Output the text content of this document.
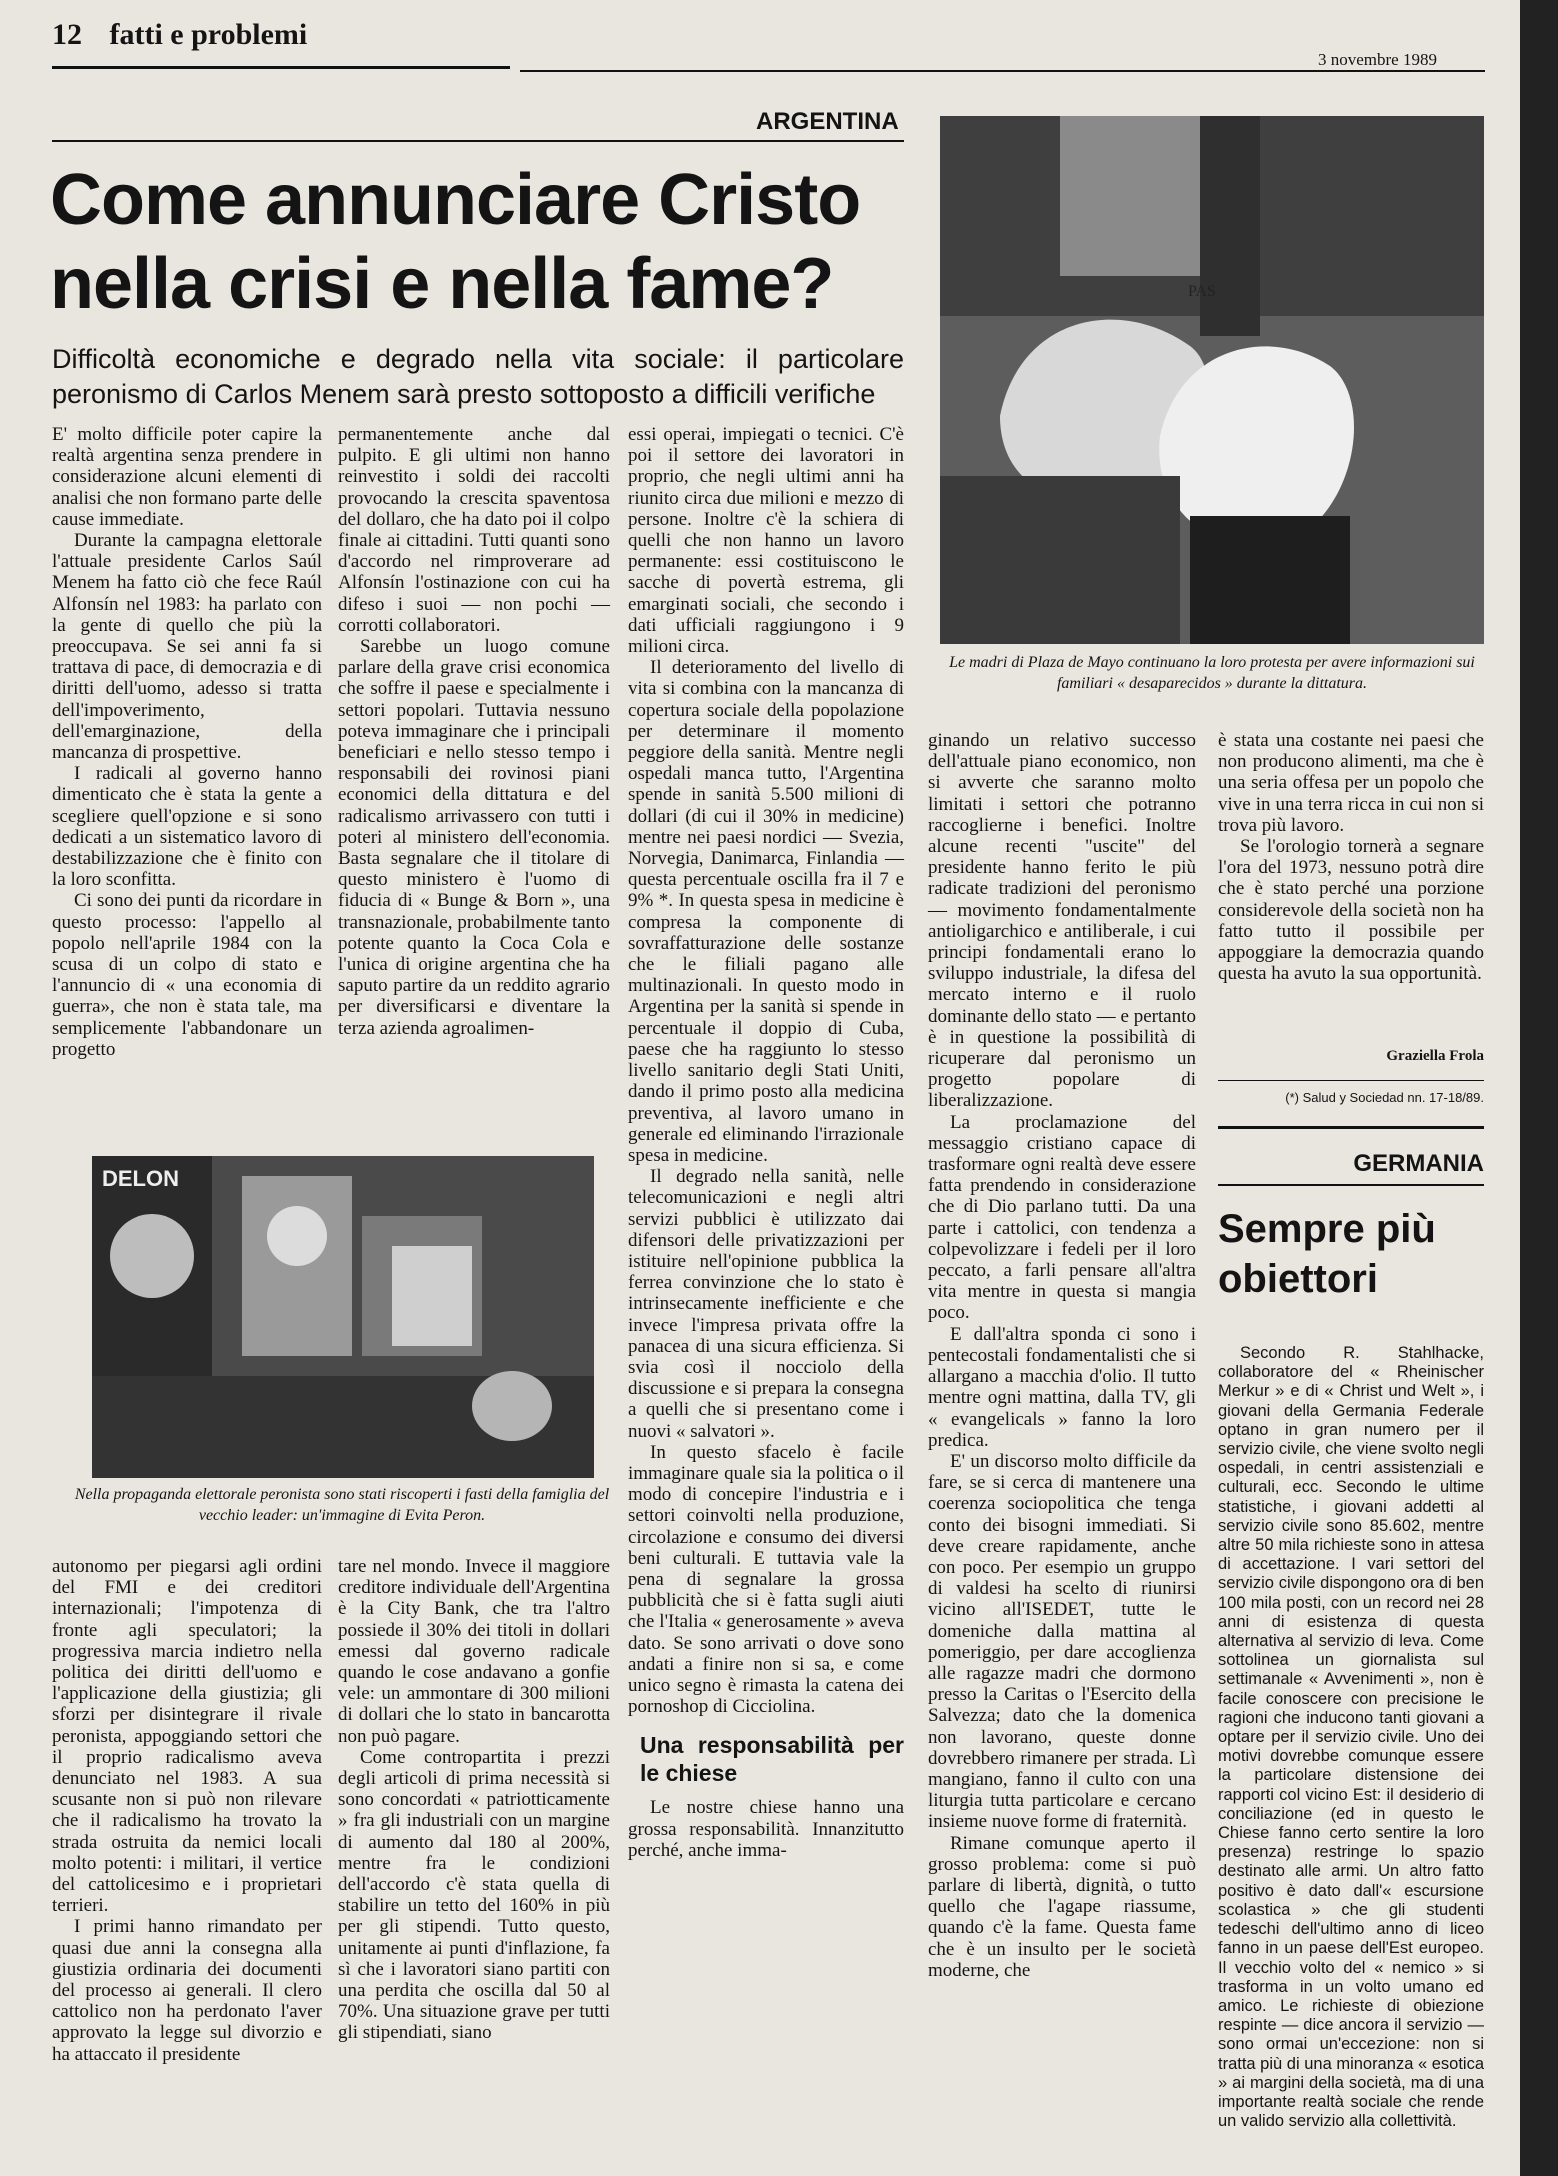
12 fatti e problemi
3 novembre 1989
ARGENTINA
Come annunciare Cristo
nella crisi e nella fame?
Difficoltà economiche e degrado nella vita sociale: il particolare peronismo di Carlos Menem sarà presto sottoposto a difficili verifiche
PAS
Le madri di Plaza de Mayo continuano la loro protesta per avere informazioni sui familiari « desaparecidos » durante la dittatura.

E' molto difficile poter capire la realtà argentina senza prendere in considerazione alcuni elementi di analisi che non formano parte delle cause immediate.

Durante la campagna elettorale l'attuale presidente Carlos Saúl Menem ha fatto ciò che fece Raúl Alfonsín nel 1983: ha parlato con la gente di quello che più la preoccupava. Se sei anni fa si trattava di pace, di democrazia e di diritti dell'uomo, adesso si tratta dell'impoverimento, dell'emarginazione, della mancanza di prospettive.

I radicali al governo hanno dimenticato che è stata la gente a scegliere quell'opzione e si sono dedicati a un sistematico lavoro di destabilizzazione che è finito con la loro sconfitta.

Ci sono dei punti da ricordare in questo processo: l'appello al popolo nell'aprile 1984 con la scusa di un colpo di stato e l'annuncio di « una economia di guerra», che non è stata tale, ma semplicemente l'abbandonare un progetto

permanentemente anche dal pulpito. E gli ultimi non hanno reinvestito i soldi dei raccolti provocando la crescita spaventosa del dollaro, che ha dato poi il colpo finale ai cittadini. Tutti quanti sono d'accordo nel rimproverare ad Alfonsín l'ostinazione con cui ha difeso i suoi — non pochi — corrotti collaboratori.

Sarebbe un luogo comune parlare della grave crisi economica che soffre il paese e specialmente i settori popolari. Tuttavia nessuno poteva immaginare che i principali beneficiari e nello stesso tempo i responsabili dei rovinosi piani economici della dittatura e del radicalismo arrivassero con tutti i poteri al ministero dell'economia. Basta segnalare che il titolare di questo ministero è l'uomo di fiducia di « Bunge & Born », una transnazionale, probabilmente tanto potente quanto la Coca Cola e l'unica di origine argentina che ha saputo partire da un reddito agrario per diversificarsi e diventare la terza azienda agroalimen-

essi operai, impiegati o tecnici. C'è poi il settore dei lavoratori in proprio, che negli ultimi anni ha riunito circa due milioni e mezzo di persone. Inoltre c'è la schiera di quelli che non hanno un lavoro permanente: essi costituiscono le sacche di povertà estrema, gli emarginati sociali, che secondo i dati ufficiali raggiungono i 9 milioni circa.

Il deterioramento del livello di vita si combina con la mancanza di copertura sociale della popolazione per determinare il momento peggiore della sanità. Mentre negli ospedali manca tutto, l'Argentina spende in sanità 5.500 milioni di dollari (di cui il 30% in medicine) mentre nei paesi nordici — Svezia, Norvegia, Danimarca, Finlandia — questa percentuale oscilla fra il 7 e 9% *. In questa spesa in medicine è compresa la componente di sovraffatturazione delle sostanze che le filiali pagano alle multinazionali. In questo modo in Argentina per la sanità si spende in percentuale il doppio di Cuba, paese che ha raggiunto lo stesso livello sanitario degli Stati Uniti, dando il primo posto alla medicina preventiva, al lavoro umano in generale ed eliminando l'irrazionale spesa in medicine.

Il degrado nella sanità, nelle telecomunicazioni e negli altri servizi pubblici è utilizzato dai difensori delle privatizzazioni per istituire nell'opinione pubblica la ferrea convinzione che lo stato è intrinsecamente inefficiente e che invece l'impresa privata offre la panacea di una sicura efficienza. Si svia così il nocciolo della discussione e si prepara la consegna a quelli che si presentano come i nuovi « salvatori ».

In questo sfacelo è facile immaginare quale sia la politica o il modo di concepire l'industria e i settori coinvolti nella produzione, circolazione e consumo dei diversi beni culturali. E tuttavia vale la pena di segnalare la grossa pubblicità che si è fatta sugli aiuti che l'Italia « generosamente » aveva dato. Se sono arrivati o dove sono andati a finire non si sa, e come unico segno è rimasta la catena dei pornoshop di Cicciolina.

Una responsabilità per le chiese

Le nostre chiese hanno una grossa responsabilità. Innanzitutto perché, anche imma-

DELON
Nella propaganda elettorale peronista sono stati riscoperti i fasti della famiglia del vecchio leader: un'immagine di Evita Peron.

autonomo per piegarsi agli ordini del FMI e dei creditori internazionali; l'impotenza di fronte agli speculatori; la progressiva marcia indietro nella politica dei diritti dell'uomo e l'applicazione della giustizia; gli sforzi per disintegrare il rivale peronista, appoggiando settori che il proprio radicalismo aveva denunciato nel 1983. A sua scusante non si può non rilevare che il radicalismo ha trovato la strada ostruita da nemici locali molto potenti: i militari, il vertice del cattolicesimo e i proprietari terrieri.

I primi hanno rimandato per quasi due anni la consegna alla giustizia ordinaria dei documenti del processo ai generali. Il clero cattolico non ha perdonato l'aver approvato la legge sul divorzio e ha attaccato il presidente

tare nel mondo. Invece il maggiore creditore individuale dell'Argentina è la City Bank, che tra l'altro possiede il 30% dei titoli in dollari emessi dal governo radicale quando le cose andavano a gonfie vele: un ammontare di 300 milioni di dollari che lo stato in bancarotta non può pagare.

Come contropartita i prezzi degli articoli di prima necessità si sono concordati « patriotticamente » fra gli industriali con un margine di aumento dal 180 al 200%, mentre fra le condizioni dell'accordo c'è stata quella di stabilire un tetto del 160% in più per gli stipendi. Tutto questo, unitamente ai punti d'inflazione, fa sì che i lavoratori siano partiti con una perdita che oscilla dal 50 al 70%. Una situazione grave per tutti gli stipendiati, siano

ginando un relativo successo dell'attuale piano economico, non si avverte che saranno molto limitati i settori che potranno raccoglierne i benefici. Inoltre alcune recenti "uscite" del presidente hanno ferito le più radicate tradizioni del peronismo — movimento fondamentalmente antioligarchico e antiliberale, i cui principi fondamentali erano lo sviluppo industriale, la difesa del mercato interno e il ruolo dominante dello stato — e pertanto è in questione la possibilità di ricuperare dal peronismo un progetto popolare di liberalizzazione.

La proclamazione del messaggio cristiano capace di trasformare ogni realtà deve essere fatta prendendo in considerazione che di Dio parlano tutti. Da una parte i cattolici, con tendenza a colpevolizzare i fedeli per il loro peccato, a farli pensare all'altra vita mentre in questa si mangia poco.

E dall'altra sponda ci sono i pentecostali fondamentalisti che si allargano a macchia d'olio. Il tutto mentre ogni mattina, dalla TV, gli « evangelicals » fanno la loro predica.

E' un discorso molto difficile da fare, se si cerca di mantenere una coerenza sociopolitica che tenga conto dei bisogni immediati. Si deve creare rapidamente, anche con poco. Per esempio un gruppo di valdesi ha scelto di riunirsi vicino all'ISEDET, tutte le domeniche dalla mattina al pomeriggio, per dare accoglienza alle ragazze madri che dormono presso la Caritas o l'Esercito della Salvezza; dato che la domenica non lavorano, queste donne dovrebbero rimanere per strada. Lì mangiano, fanno il culto con una liturgia tutta particolare e cercano insieme nuove forme di fraternità.

Rimane comunque aperto il grosso problema: come si può parlare di libertà, dignità, o tutto quello che l'agape riassume, quando c'è la fame. Questa fame che è un insulto per le società moderne, che

è stata una costante nei paesi che non producono alimenti, ma che è una seria offesa per un popolo che vive in una terra ricca in cui non si trova più lavoro.

Se l'orologio tornerà a segnare l'ora del 1973, nessuno potrà dire che è stato perché una porzione considerevole della società non ha fatto tutto il possibile per appoggiare la democrazia quando questa ha avuto la sua opportunità.

Graziella Frola
(*) Salud y Sociedad nn. 17-18/89.
GERMANIA
Sempre più obiettori

Secondo R. Stahlhacke, collaboratore del « Rheinischer Merkur » e di « Christ und Welt », i giovani della Germania Federale optano in gran numero per il servizio civile, che viene svolto negli ospedali, in centri assistenziali e culturali, ecc. Secondo le ultime statistiche, i giovani addetti al servizio civile sono 85.602, mentre altre 50 mila richieste sono in attesa di accettazione. I vari settori del servizio civile dispongono ora di ben 100 mila posti, con un record nei 28 anni di esistenza di questa alternativa al servizio di leva. Come sottolinea un giornalista sul settimanale « Avvenimenti », non è facile conoscere con precisione le ragioni che inducono tanti giovani a optare per il servizio civile. Uno dei motivi dovrebbe comunque essere la particolare distensione dei rapporti col vicino Est: il desiderio di conciliazione (ed in questo le Chiese fanno certo sentire la loro presenza) restringe lo spazio destinato alle armi. Un altro fatto positivo è dato dall'« escursione scolastica » che gli studenti tedeschi dell'ultimo anno di liceo fanno in un paese dell'Est europeo. Il vecchio volto del « nemico » si trasforma in un volto umano ed amico. Le richieste di obiezione respinte — dice ancora il servizio — sono ormai un'eccezione: non si tratta più di una minoranza « esotica » ai margini della società, ma di una importante realtà sociale che rende un valido servizio alla collettività.
